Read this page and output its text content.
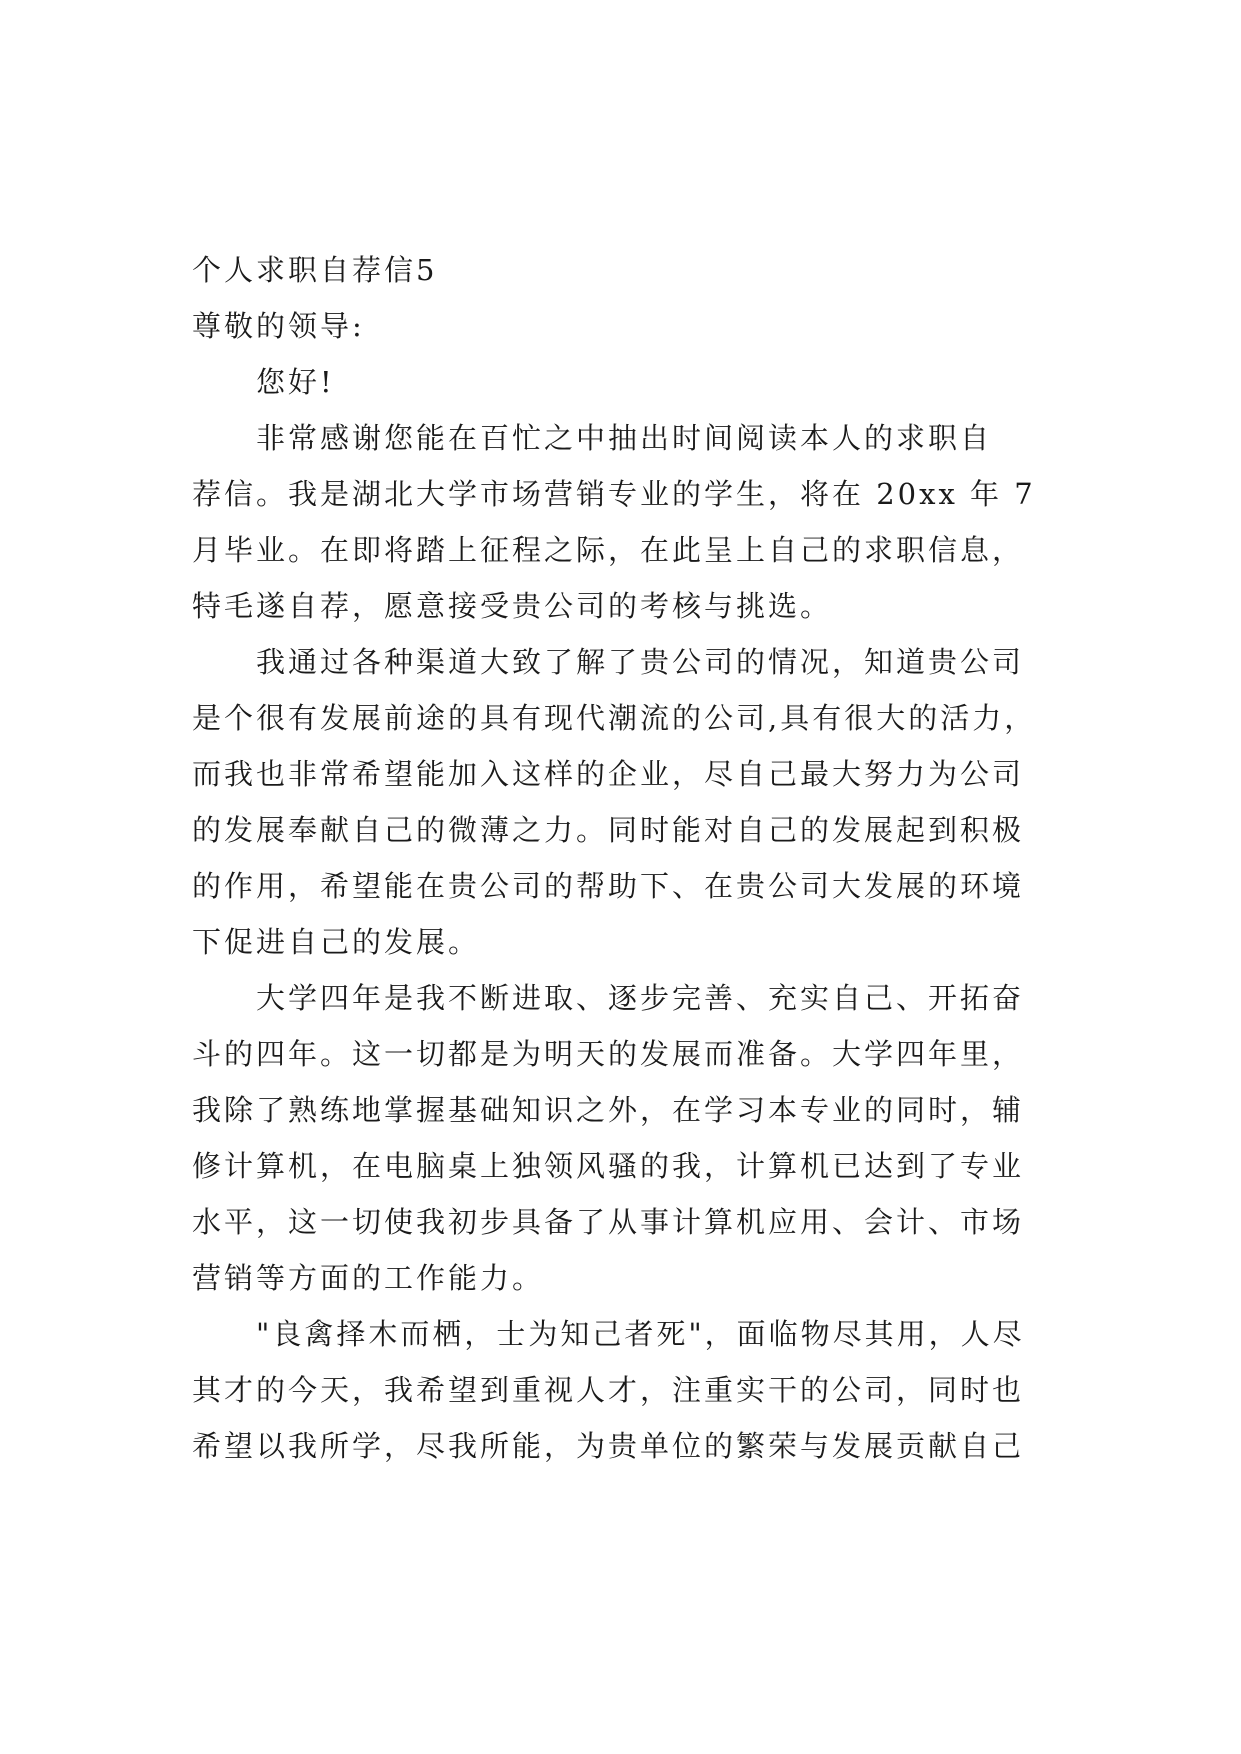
个人求职自荐信5
尊敬的领导:
您好!
非常感谢您能在百忙之中抽出时间阅读本人的求职自
荐信。我是湖北大学市场营销专业的学生，将在 20xx 年 7
月毕业。在即将踏上征程之际，在此呈上自己的求职信息，
特毛遂自荐，愿意接受贵公司的考核与挑选。
我通过各种渠道大致了解了贵公司的情况，知道贵公司
是个很有发展前途的具有现代潮流的公司,具有很大的活力，
而我也非常希望能加入这样的企业，尽自己最大努力为公司
的发展奉献自己的微薄之力。同时能对自己的发展起到积极
的作用，希望能在贵公司的帮助下、在贵公司大发展的环境
下促进自己的发展。
大学四年是我不断进取、逐步完善、充实自己、开拓奋
斗的四年。这一切都是为明天的发展而准备。大学四年里，
我除了熟练地掌握基础知识之外，在学习本专业的同时，辅
修计算机，在电脑桌上独领风骚的我，计算机已达到了专业
水平，这一切使我初步具备了从事计算机应用、会计、市场
营销等方面的工作能力。
"良禽择木而栖，士为知己者死"，面临物尽其用，人尽
其才的今天，我希望到重视人才，注重实干的公司，同时也
希望以我所学，尽我所能，为贵单位的繁荣与发展贡献自己
